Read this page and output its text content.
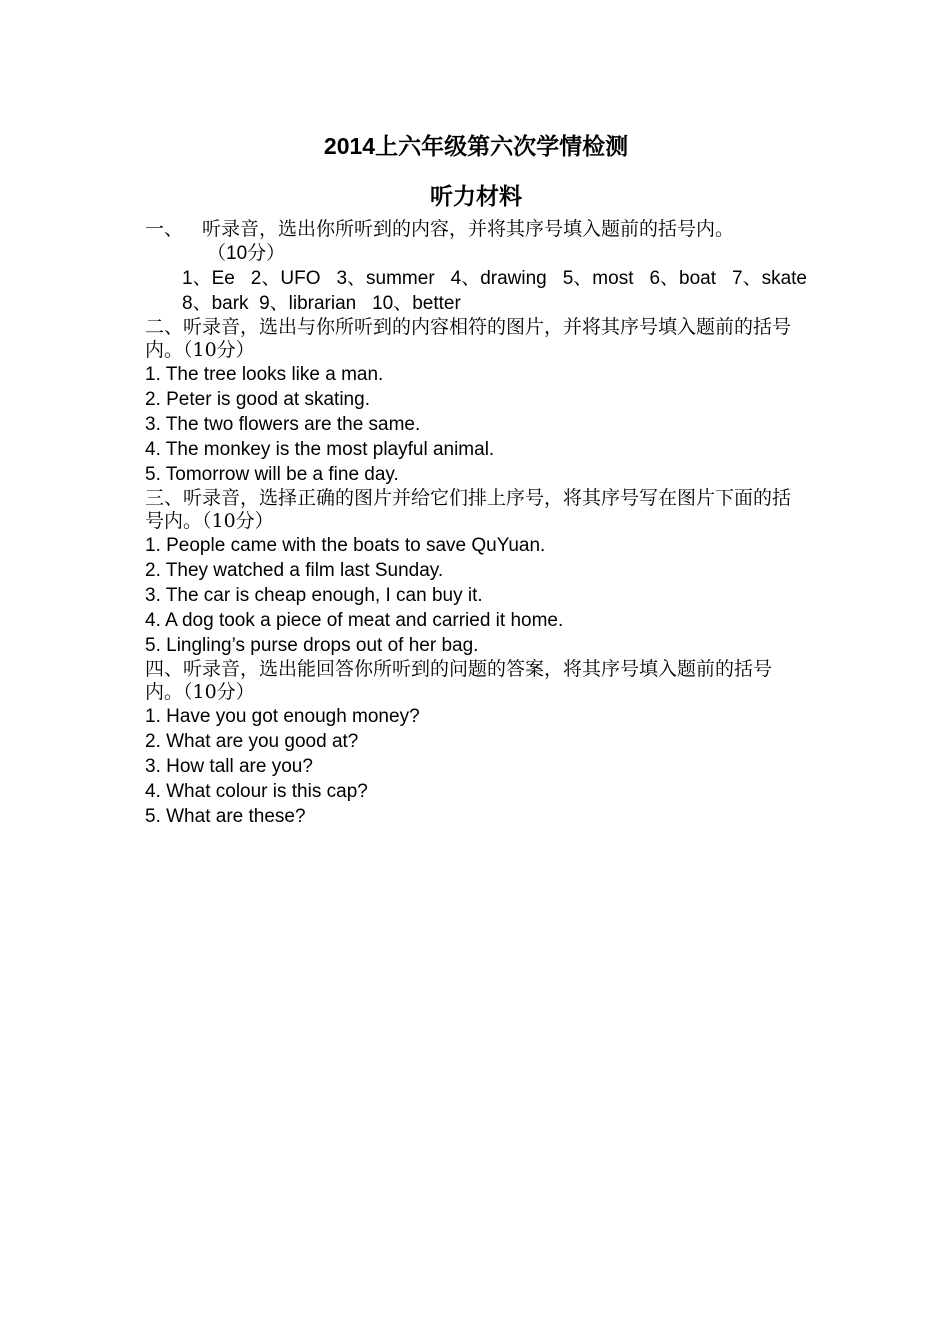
2014上六年级第六次学情检测
听力材料
一、 听录音，选出你所听到的内容，并将其序号填入题前的括号内。
（10分）
1、Ee 2、UFO 3、summer 4、drawing 5、most 6、boat 7、skate
8、bark  9、librarian   10、better

二、听录音，选出与你所听到的内容相符的图片，并将其序号填入题前的括号内。（10分）

1. The tree looks like a man.

2. Peter is good at skating.

3. The two flowers are the same.

4. The monkey is the most playful animal.

5. Tomorrow will be a fine day.

三、听录音，选择正确的图片并给它们排上序号，将其序号写在图片下面的括号内。（10分）

1. People came with the boats to save QuYuan.

2. They watched a film last Sunday.

3. The car is cheap enough, I can buy it.

4. A dog took a piece of meat and carried it home.

5. Lingling’s purse drops out of her bag.

四、听录音，选出能回答你所听到的问题的答案，将其序号填入题前的括号内。（10分）

1. Have you got enough money?

2. What are you good at?

3. How tall are you?

4. What colour is this cap?

5. What are these?
